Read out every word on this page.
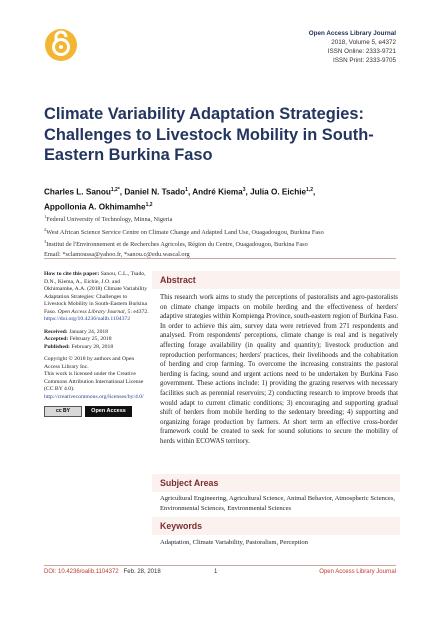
Open Access Library Journal
2018, Volume 5, e4372
ISSN Online: 2333-9721
ISSN Print: 2333-9705
Climate Variability Adaptation Strategies: Challenges to Livestock Mobility in South-Eastern Burkina Faso
Charles L. Sanou$^{1,2*}$, Daniel N. Tsado$^1$, André Kiema$^3$, Julia O. Eichie$^{1,2}$,
Appollonia A. Okhimamhe$^{1,2}$
$^1$Federal University of Technology, Minna, Nigeria
$^2$West African Science Service Centre on Climate Change and Adapted Land Use, Ouagadougou, Burkina Faso
$^3$Institut de l'Environnement et de Recherches Agricoles, Région du Centre, Ouagadougou, Burkina Faso
Email: *sclamoussa@yahoo.fr, *sanou.c@edu.wascal.org

How to cite this paper: Sanou, C.L., Tsado, D.N., Kiema, A., Eichie, J.O. and Okhimamhe, A.A. (2018) Climate Variability Adaptation Strategies: Challenges to Livestock Mobility in South-Eastern Burkina Faso. Open Access Library Journal, 5: e4372. https://doi.org/10.4236/oalib.1104372

Received: January 24, 2018
Accepted: February 25, 2018
Published: February 28, 2018

Copyright © 2018 by authors and Open Access Library Inc.
This work is licensed under the Creative Commons Attribution International License (CC BY 4.0).
http://creativecommons.org/licenses/by/4.0/

cc BY	Open Access
Abstract
This research work aims to study the perceptions of pastoralists and agro-pastoralists on climate change impacts on mobile herding and the effectiveness of herders' adaptive strategies within Kompienga Province, south-eastern region of Burkina Faso. In order to achieve this aim, survey data were retrieved from 271 respondents and analysed. From respondents' perceptions, climate change is real and is negatively affecting forage availability (in quality and quantity); livestock production and reproduction performances; herders' practices, their livelihoods and the cohabitation of herding and crop farming. To overcome the increasing constraints the pastoral herding is facing, sound and urgent actions need to be undertaken by Burkina Faso government. These actions include: 1) providing the grazing reserves with necessary facilities such as perennial reservoirs; 2) conducting research to improve breeds that would adapt to current climatic conditions; 3) encouraging and supporting gradual shift of herders from mobile herding to the sedentary breeding; 4) supporting and organizing forage production by farmers. At short term an effective cross-border framework could be created to seek for sound solutions to secure the mobility of herds within ECOWAS territory.
Subject Areas
Agricultural Engineering, Agricultural Science, Animal Behavior, Atmospheric Sciences, Environmental Sciences, Environmental Sciences
Keywords
Adaptation, Climate Variability, Pastoralism, Perception
DOI: 10.4236/oalib.1104372 Feb. 28, 2018	1	Open Access Library Journal
